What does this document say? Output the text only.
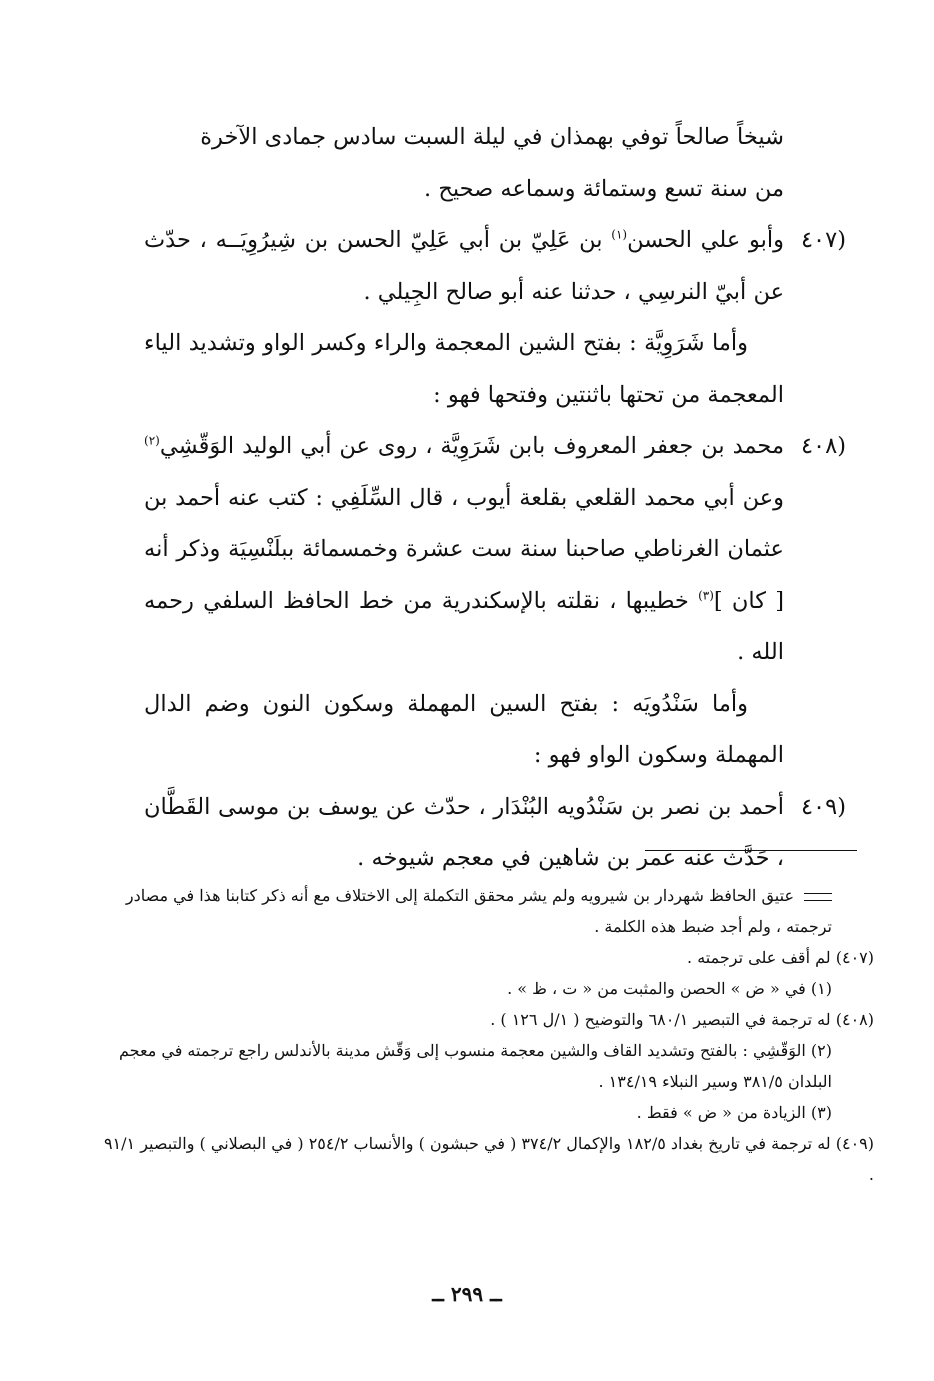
شيخاً صالحاً توفي بهمذان في ليلة السبت سادس جمادى الآخرة
من سنة تسع وستمائة وسماعه صحيح .

(٤٠٧
وأبو علي الحسن$^{(١)}$ بن عَلِيّ بن أبي عَلِيّ الحسن بن شِيرُوِيَــه ، حدّث عن أبيّ النرسِي ، حدثنا عنه أبو صالح الجِيلي .

وأما شَرَوِيَّة : بفتح الشين المعجمة والراء وكسر الواو وتشديد الياء المعجمة من تحتها باثنتين وفتحها فهو :

(٤٠٨
محمد بن جعفر المعروف بابن شَرَوِيَّة ، روى عن أبي الوليد الوَقّشِي$^{(٢)}$ وعن أبي محمد القلعي بقلعة أيوب ، قال السِّلَفِي : كتب عنه أحمد بن عثمان الغرناطي صاحبنا سنة ست عشرة وخمسمائة ببلَنْسِيَة وذكر أنه [ كان ]$^{(٣)}$ خطيبها ، نقلته بالإسكندرية من خط الحافظ السلفي رحمه الله .

وأما سَنْدُويَه : بفتح السين المهملة وسكون النون وضم الدال المهملة وسكون الواو فهو :

(٤٠٩
أحمد بن نصر بن سَنْدُويه البُنْدَار ، حدّث عن يوسف بن موسى القَطَّان ، حَدَّث عنه عمر بن شاهين في معجم شيوخه .

عتيق الحافظ شهردار بن شيرويه ولم يشر محقق التكملة إلى الاختلاف مع أنه ذكر كتابنا هذا في مصادر ترجمته ، ولم أجد ضبط هذه الكلمة .

(٤٠٧) لم أقف على ترجمته .

(١) في « ض » الحصن والمثبت من « ت ، ظ » .

(٤٠٨) له ترجمة في التبصير ٦٨٠/١ والتوضيح ( ١/ل ١٢٦ ) .

(٢) الوَقّشِي : بالفتح وتشديد القاف والشين معجمة منسوب إلى وَقّش مدينة بالأندلس راجع ترجمته في معجم البلدان ٣٨١/٥ وسير النبلاء ١٣٤/١٩ .

(٣) الزيادة من « ض » فقط .

(٤٠٩) له ترجمة في تاريخ بغداد ١٨٢/٥ والإكمال ٣٧٤/٢ ( في حبشون ) والأنساب ٢٥٤/٢ ( في البصلاني ) والتبصير ٩١/١ .

ــ ٢٩٩ ــ
